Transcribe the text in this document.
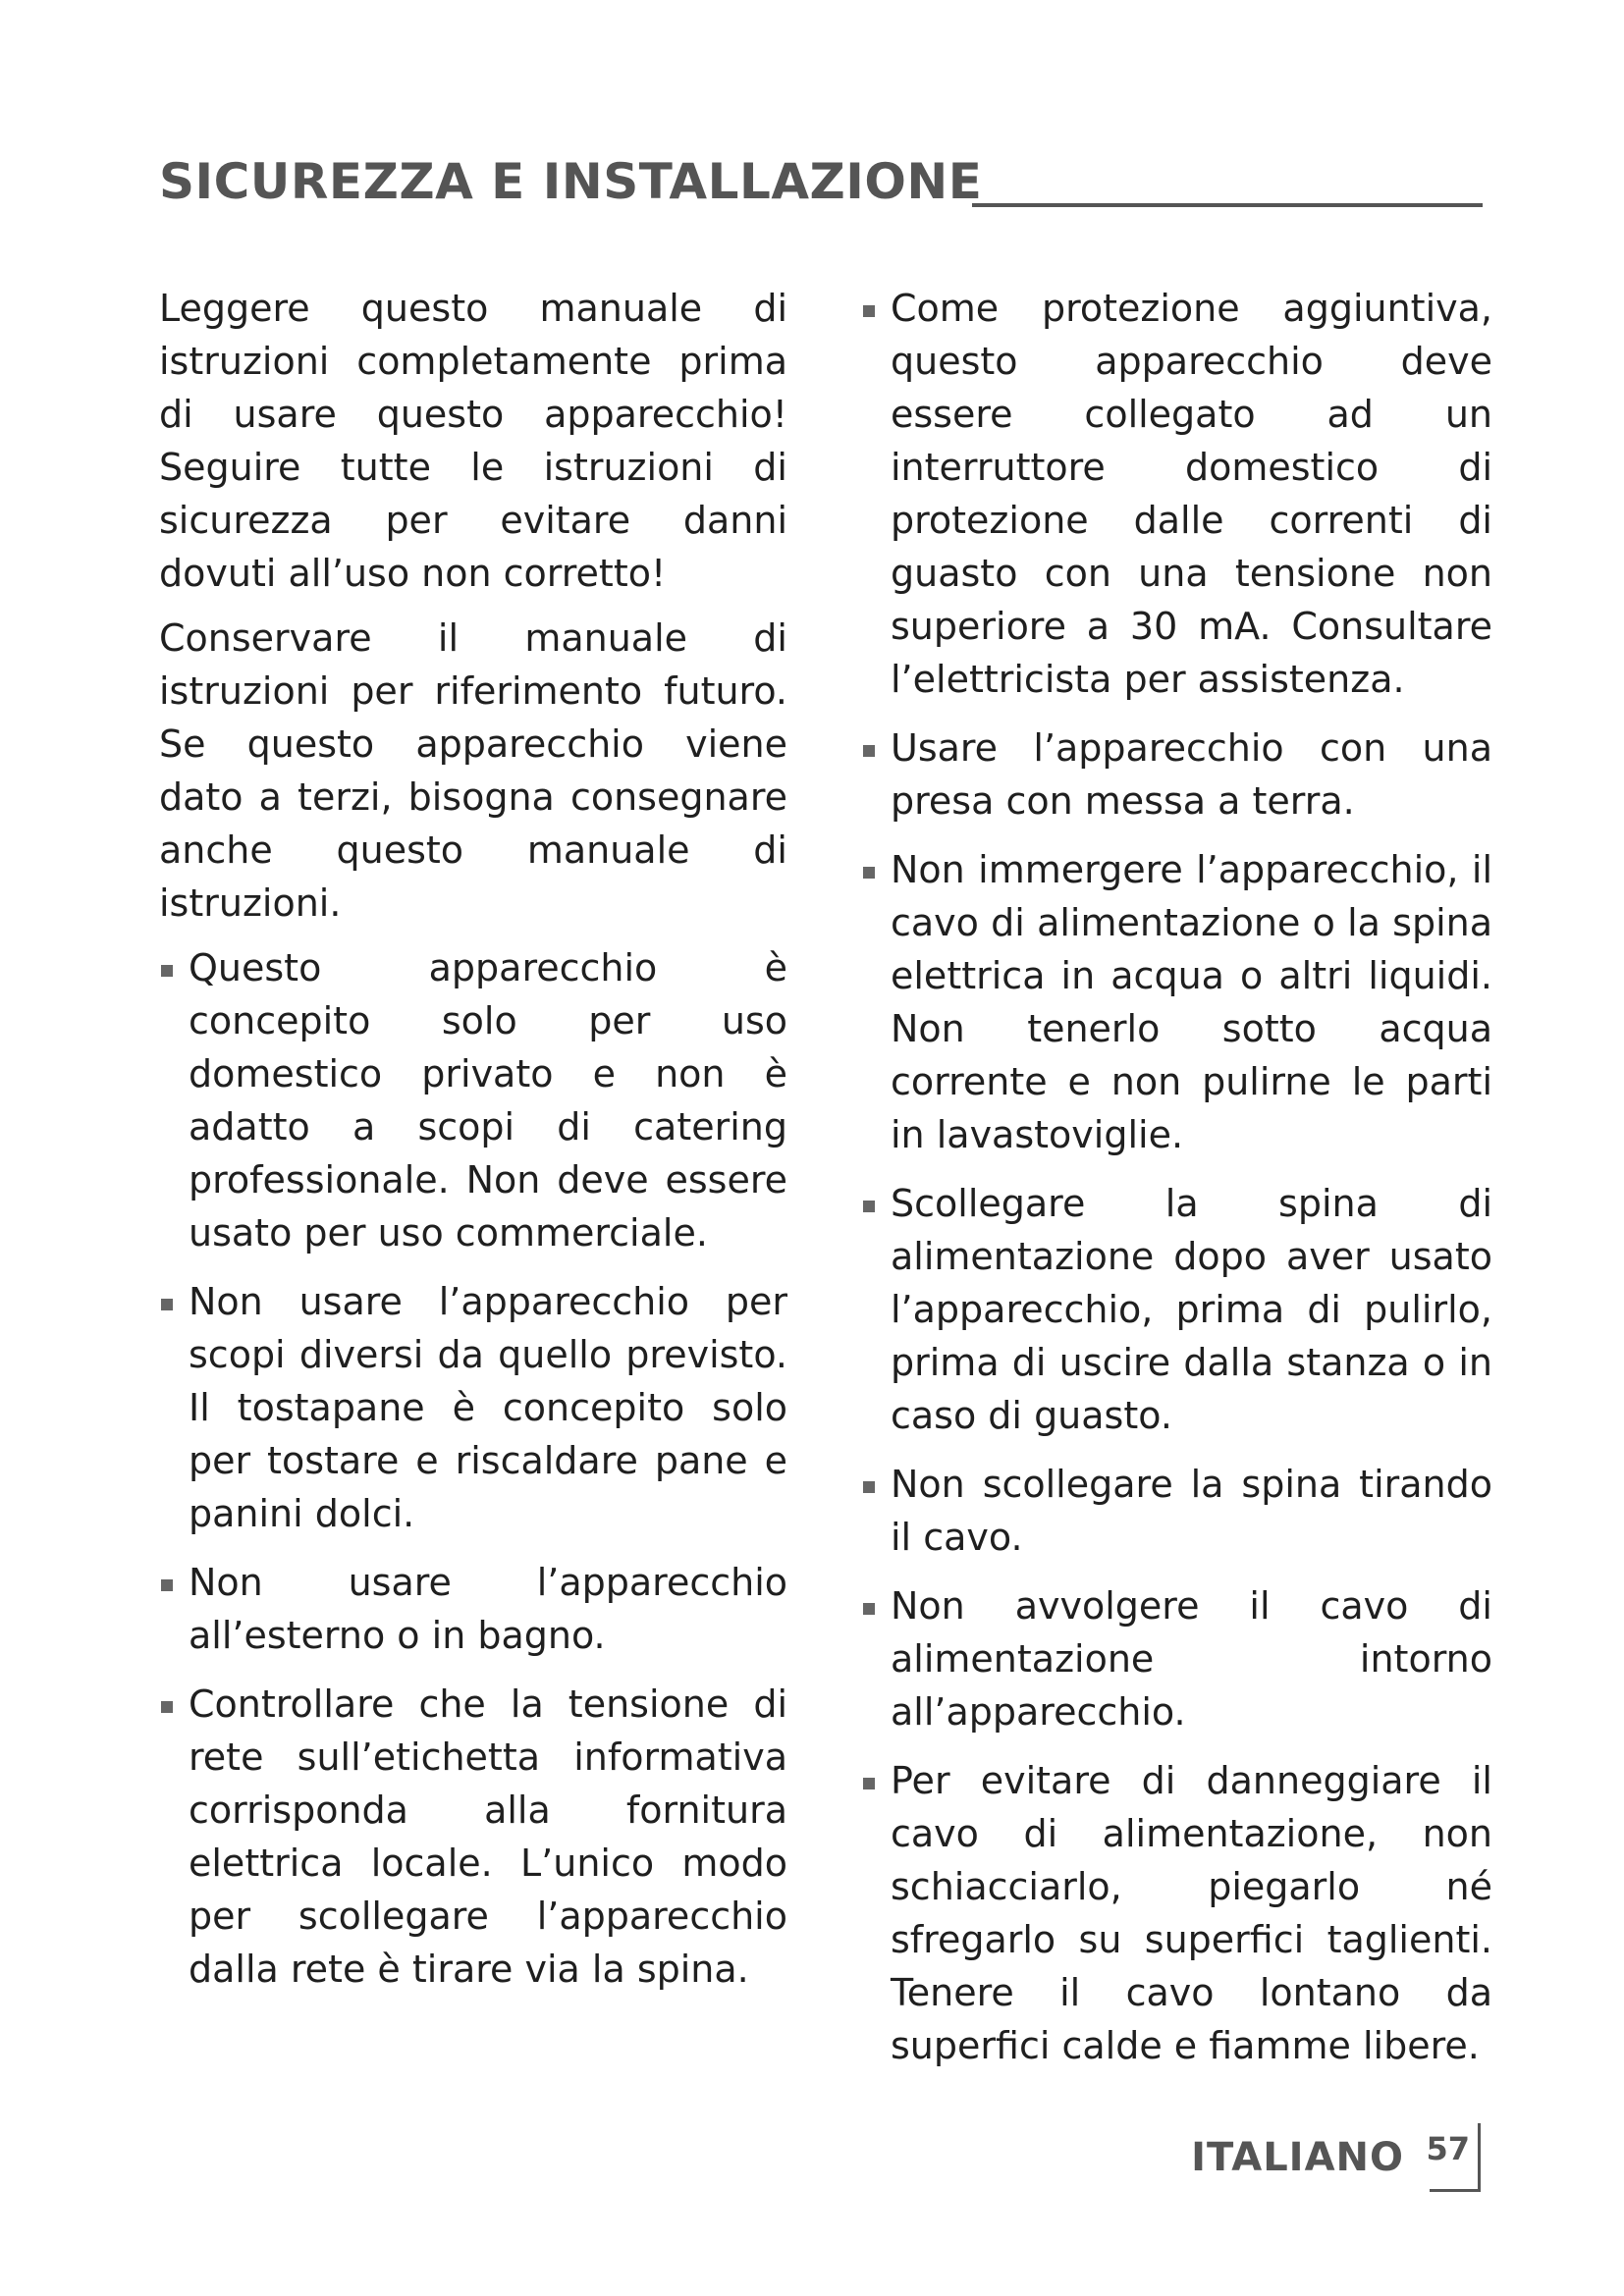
SICUREZZA E INSTALLAZIONE

Leggere questo manuale di istruzioni completamente prima di usare questo apparecchio! Seguire tutte le istruzioni di sicurezza per evitare danni dovuti all’uso non corretto!

Conservare il manuale di istruzioni per riferimento futuro. Se questo apparecchio viene dato a terzi, bisogna consegnare anche questo manuale di istruzioni.

Questo apparecchio è concepito solo per uso domestico privato e non è adatto a scopi di catering professionale. Non deve essere usato per uso commerciale.
Non usare l’apparecchio per scopi diversi da quello previsto. Il tostapane è concepito solo per tostare e riscaldare pane e panini dolci.
Non usare l’apparecchio all’esterno o in bagno.
Controllare che la tensione di rete sull’etichetta informativa corrisponda alla fornitura elettrica locale. L’unico modo per scollegare l’apparecchio dalla rete è tirare via la spina.
Come protezione aggiuntiva, questo apparecchio deve essere collegato ad un interruttore domestico di protezione dalle correnti di guasto con una tensione non superiore a 30 mA. Consultare l’elettricista per assistenza.
Usare l’apparecchio con una presa con messa a terra.
Non immergere l’apparecchio, il cavo di alimentazione o la spina elettrica in acqua o altri liquidi. Non tenerlo sotto acqua corrente e non pulirne le parti in lavastoviglie.
Scollegare la spina di alimentazione dopo aver usato l’apparecchio, prima di pulirlo, prima di uscire dalla stanza o in caso di guasto.
Non scollegare la spina tirando il cavo.
Non avvolgere il cavo di alimentazione intorno all’apparecchio.
Per evitare di danneggiare il cavo di alimentazione, non schiacciarlo, piegarlo né sfregarlo su superfici taglienti. Tenere il cavo lontano da superfici calde e fiamme libere.
ITALIANO 57
